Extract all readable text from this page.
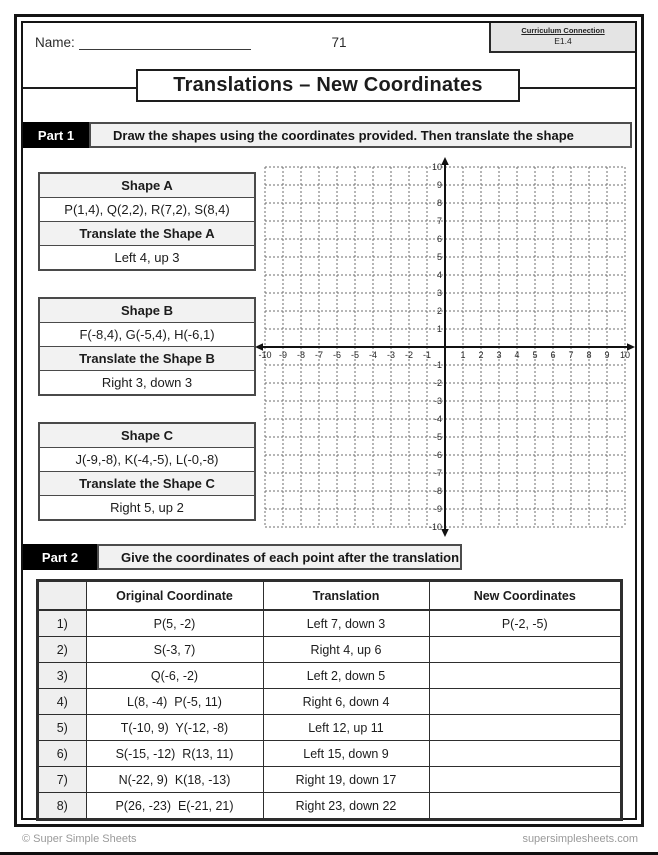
Name:	71
Curriculum Connection
E1.4
Translations – New Coordinates
Part 1	Draw the shapes using the coordinates provided. Then translate the shape
Shape A
P(1,4), Q(2,2), R(7,2), S(8,4)
Translate the Shape A
Left 4, up 3
Shape B
F(-8,4), G(-5,4), H(-6,1)
Translate the Shape B
Right 3, down 3
Shape C
J(-9,-8), K(-4,-5), L(-0,-8)
Translate the Shape C
Right 5, up 2
-10 -9 -8 -7 -6 -5 -4 -3 -2 -1	1 2 3 4 5 6 7 8 9 10
-10
-9
-8
-7
-6
-5
-4
-3
-2
-1
1
2
3
4
5
6
7
8
9
10
Part 2	Give the coordinates of each point after the translation
	Original Coordinate	Translation	New Coordinates
1)	P(5, -2)	Left 7, down 3	P(-2, -5)
2)	S(-3, 7)	Right 4, up 6	
3)	Q(-6, -2)	Left 2, down 5	
4)	L(8, -4)  P(-5, 11)	Right 6, down 4	
5)	T(-10, 9)  Y(-12, -8)	Left 12, up 11	
6)	S(-15, -12)  R(13, 11)	Left 15, down 9	
7)	N(-22, 9)  K(18, -13)	Right 19, down 17	
8)	P(26, -23)  E(-21, 21)	Right 23, down 22	
© Super Simple Sheets	supersimplesheets.com
